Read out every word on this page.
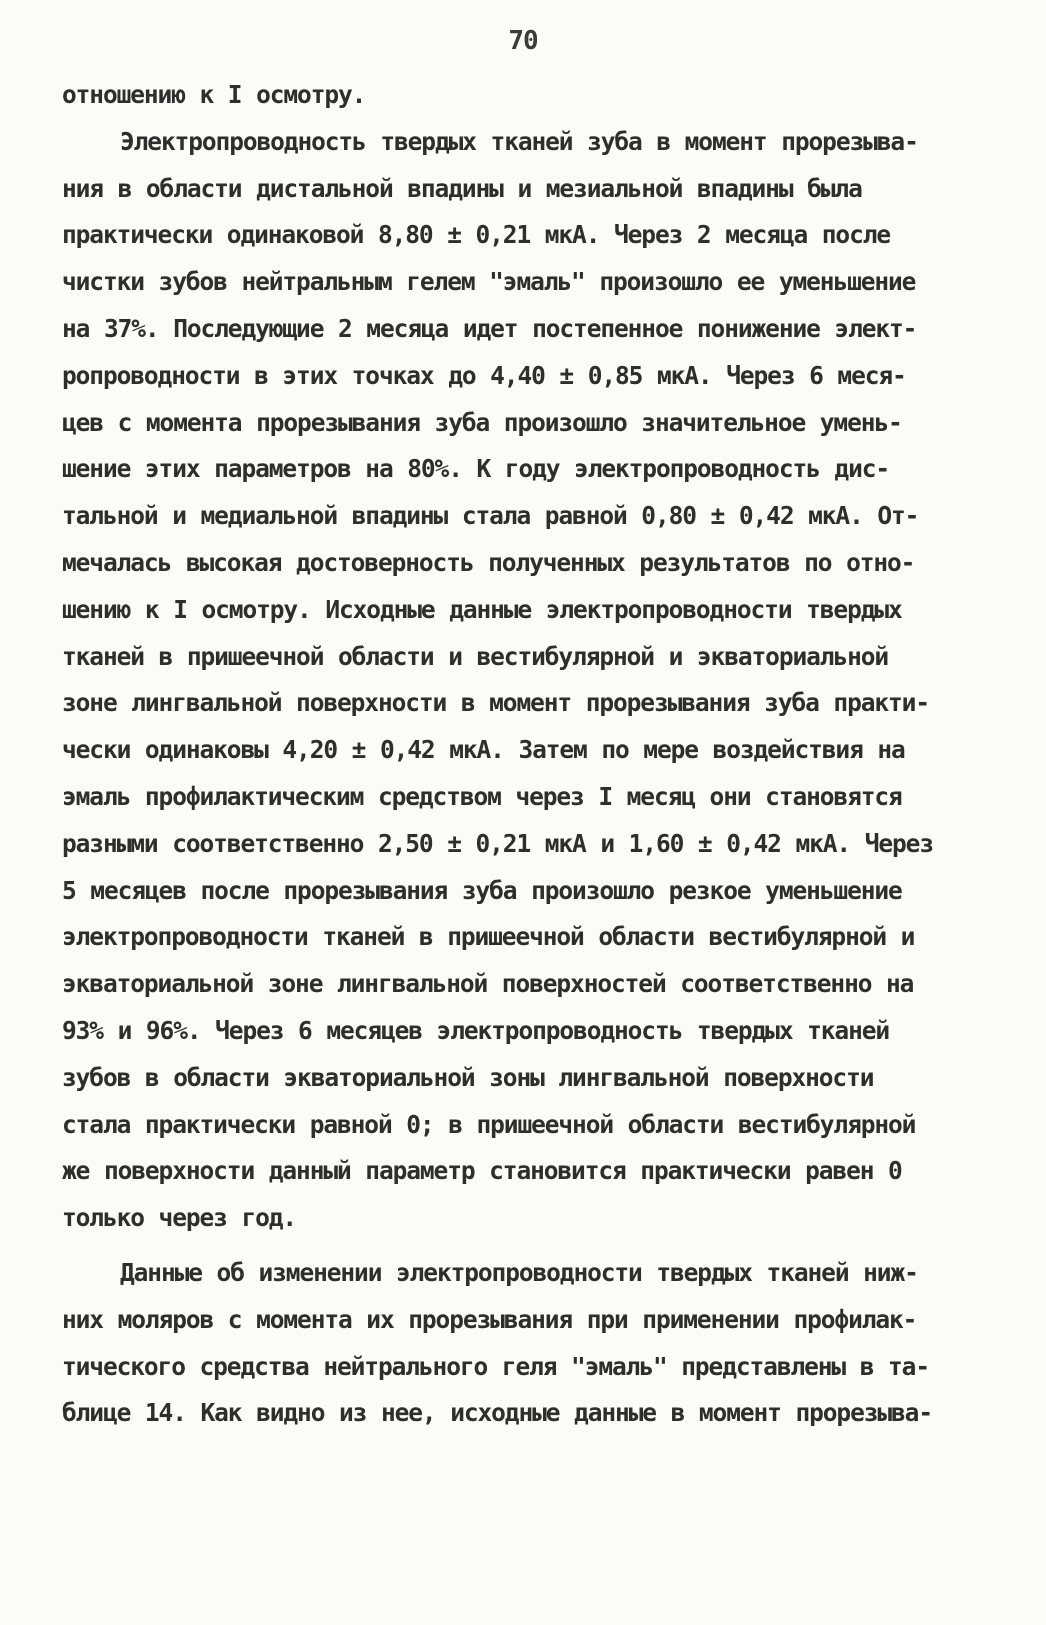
70
отношению к I осмотру.
Электропроводность твердых тканей зуба в момент прорезыва-
ния в области дистальной впадины и мезиальной впадины была
практически одинаковой 8,80 ± 0,21 мкА. Через 2 месяца после
чистки зубов нейтральным гелем "эмаль" произошло ее уменьшение
на 37%. Последующие 2 месяца идет постепенное понижение элект-
ропроводности в этих точках до 4,40 ± 0,85 мкА. Через 6 меся-
цев с момента прорезывания зуба произошло значительное умень-
шение этих параметров на 80%. К году электропроводность дис-
тальной и медиальной впадины стала равной 0,80 ± 0,42 мкА. От-
мечалась высокая достоверность полученных результатов по отно-
шению к I осмотру. Исходные данные электропроводности твердых
тканей в пришеечной области и вестибулярной и экваториальной
зоне лингвальной поверхности в момент прорезывания зуба практи-
чески одинаковы 4,20 ± 0,42 мкА. Затем по мере воздействия на
эмаль профилактическим средством через I месяц они становятся
разными соответственно 2,50 ± 0,21 мкА и 1,60 ± 0,42 мкА. Через
5 месяцев после прорезывания зуба произошло резкое уменьшение
электропроводности тканей в пришеечной области вестибулярной и
экваториальной зоне лингвальной поверхностей соответственно на
93% и 96%. Через 6 месяцев электропроводность твердых тканей
зубов в области экваториальной зоны лингвальной поверхности
стала практически равной 0; в пришеечной области вестибулярной
же поверхности данный параметр становится практически равен 0
только через год.
Данные об изменении электропроводности твердых тканей ниж-
них моляров с момента их прорезывания при применении профилак-
тического средства нейтрального геля "эмаль" представлены в та-
блице 14. Как видно из нее, исходные данные в момент прорезыва-
